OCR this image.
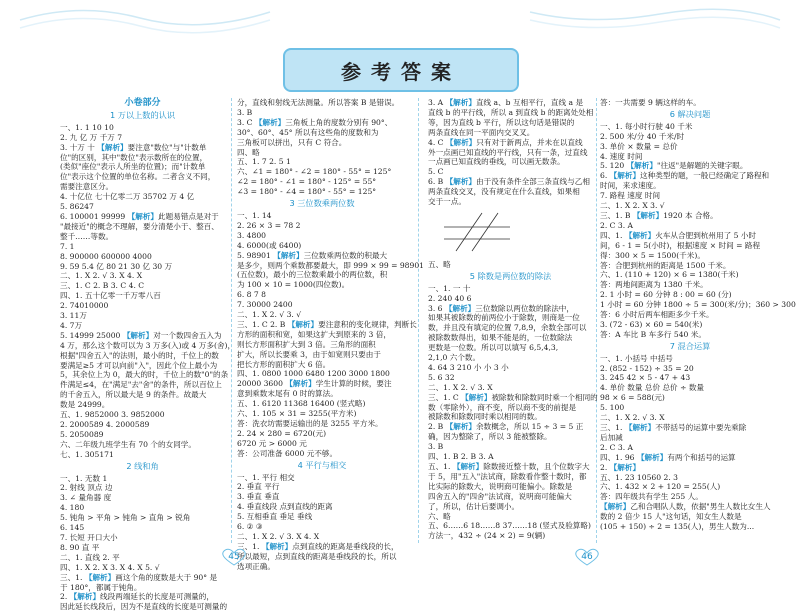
参考答案
小卷部分
1 万以上数的认识
一、1. 1 10 10
2. 九 亿 万 千万 7
3. 十万 十 【解析】要注意"数位"与"计数单
位"的区别，其中"数位"表示数所在的位置，
(类似"座位"表示人所坐的位置)；而"计数单
位"表示这个位置的单位名称。二者含义不同，
需要注意区分。
4. 十亿位 七十亿零二万 35702 万 4 亿
5. 86247
6. 100001 99999 【解析】此题易错点是对于
"最接近"的概念不理解，要分清楚小于、整百、
整千……等数。
7. 1
8. 900000 600000 4000
9. 59 5.4 亿 80 21 30 亿 30 万
二、1. X 2. √ 3. X 4. X
三、1. C 2. B 3. C 4. C
四、1. 五十亿零一千万零八百
2. 74010000
3. 11万
4. 7万
5. 14999 25000 【解析】对一个数四舍五入为
4 万，那么这个数可以为 3 万多(入)或 4 万多(舍)，
根据"四舍五入"的法则，最小的时，千位上的数
要满足≥5 才可以向前"入"，因此个位上最小为
5，其余位上为 0，最大的时，千位上的数"0"的条
件满足≤4，在"满足"去"舍"的条件，所以百位上
的千舍五入，所以最大是 9 的条件。故最大
数是 24999。
五、1. 9852000 3. 9852000
2. 2000589 4. 2000589
5. 2050089
六、二年级九班学生有 70 个的女同学。
七、1. 305171
2 线和角
一、1. 无数 1
2. 射线 顶点 边
3. ∠ 量角器 度
4. 180
5. 钝角 > 平角 > 钝角 > 直角 > 锐角
6. 145
7. 长短 开口大小
8. 90 直 平
二、1. 直线 2. 平
四、1. X 2. X 3. X 4. X 5. √
三、1. 【解析】画这个角的度数是大于 90° 是
于 180°，都属于钝角。
2. 【解析】线段两端延长的长度是可测量的，
因此延长线段后，因为不是直线的长度是可测量的
分，直线和射线无法测量。所以答案 B 是错误。
3. B
3. C 【解析】三角板上角的度数分别有 90°、
30°、60°、45° 所以有这些角的度数和为
三角板可以拼出，只有 C 符合。
四、略
五、1. 7 2. 5 1
六、∠1 = 180° - ∠2 = 180° - 55° = 125°
∠2 = 180° - ∠1 = 180° - 125° = 55°
∠3 = 180° - ∠4 = 180° - 55° = 125°
3 三位数乘两位数
一、1. 14
2. 26 × 3 = 78 2
3. 4800
4. 6000(或 6400)
5. 98901 【解析】三位数乘两位数的积最大
是多少，则两个乘数都要最大，即 999 × 99 = 98901
(五位数)，最小的三位数乘最小的两位数，积
为 100 × 10 = 1000(四位数)。
6. 8 7 8
7. 30000 2400
二、1. X 2. √ 3. √
三、1. C 2. B 【解析】要注意积的变化规律，判断长
方形的面积和宽，如果这扩大到原来的 3 倍，
则长方形面积扩大到 3 倍。三角形的面积
扩大，所以长要乘 3，由于如宽则只要由于
把长方形的面积扩大 6 倍。
四、1. 0800 1000 6480 1200 3000 1800
20000 3600 【解析】学生计算的时候，要注
意到乘数末尾有 0 时的算法。
五、1. 6120 11368 16400 (竖式略)
六、1. 105 × 31 = 3255(平方米)
答：洗衣坊需要运输出的是 3255 平方米。
2. 24 × 280 = 6720(元)
6720 元 > 6000 元
答：公司准备 6000 元不够。
4 平行与相交
一、1. 平行 相交
2. 垂直 平行
3. 垂直 垂直
4. 垂直线段 点到直线的距离
5. 互相垂直 垂足 垂线
6. ② ③
二、1. X 2. √ 3. X 4. X
三、1. 【解析】点到直线的距离是垂线段的长，
所以最短，点到直线的距离是垂线段的长，所以
选项正确。
3. A 【解析】直线 a、b 互相平行，直线 a 是
直线 b 的平行线，所以 a 到直线 b 的距离处处相
等，因为直线 b 平行，所以这句话是错误的
两条直线在同一平面内交叉叉。
4. C 【解析】只有对于新两点，并未在以直线
外一点画已知直线的平行线，只有一条，过直线
一点画已知直线的垂线，可以画无数条。
5. C
6. B 【解析】由于没有条件全部三条直线与乙相
两条直线交叉，没有规定在什么直线，如果相
交于一点。
五、略
5 除数是两位数的除法
一、1. 一 十
2. 240 40 6
3. 6 【解析】三位数除以两位数的除法中，
如果其被除数的前两位小于除数，则商是一位
数，并且没有填定的位置 7,8,9，余数全部可以
被除数数得出，如果不能是的，一位数除法
更数是一位数。所以可以填写 6,5,4,3,
2,1,0 六个数。
4. 64 3 210 小 小 3 小
5. 6 32
二、1. X 2. √ 3. X
三、1. C 【解析】被除数和除数同时乘一个相同的
数（零除外），商不变，所以商不变的前提是
被除数和除数同时乘以相同的数。
2. B 【解析】余数概念，所以 15 ÷ 3 = 5 正
确，因为整除了，所以 3 能被整除。
3. B
四、1. B 2. B 3. A
五、1. 【解析】除数接近整十数，且个位数字大
于 5，用"五入"法试商，除数看作整十数时，都
比实际的除数大，说明商可能偏小。除数是
四舍五入的"四舍"法试商，说明商可能偏大
了，所以，估计后要调小。
六、略
五、6……6 18……8 37……18 (竖式及验算略)
方法一，432 ÷ (24 × 2) = 9(辆)
答：一共需要 9 辆这样的车。
6 解决问题
一、1. 每小时行驶 40 千米
2. 500 米/分 40 千米/时
3. 单价 × 数量 = 总价
4. 速度 时间
5. 120 【解析】"往返"是解题的关键字眼。
6. 【解析】这种类型的题，一般已经确定了路程和
时间，来求速度。
7. 路程 速度 时间
二、1. X 2. X 3. √
三、1. B 【解析】1920 本 合格。
2. C 3. A
四、1. 【解析】火车从合肥到杭州用了 5 小时
间，6 - 1 = 5(小时)，根据速度 × 时间 = 路程
得：300 × 5 = 1500(千米)。
答：合肥到杭州的距离是 1500 千米。
六、1. (110 + 120) × 6 = 1380(千米)
答：两地间距离为 1380 千米。
2. 1 小时 = 60 分钟 8 : 00 = 60 (分)
1 小时 = 60 分钟 1800 ÷ 5 = 300(米/分)；360 > 300
答：6 小时后两车相距多少千米。
3. (72 - 63) × 60 = 540(米)
答：A 车比 B 车多行 540 米。
7 混合运算
一、1. 小括号 中括号
2. (852 - 152) ÷ 35 = 20
3. 245 42 × 5 - 47 + 43
4. 单价 数量 总价 总价 ÷ 数量
98 × 6 = 588(元)
5. 100
二、1. X 2. √ 3. X
三、1. 【解析】不带括号的运算中要先乘除
后加减
2. C 3. A
四、1. 96 【解析】有两个和括号的运算
2. 【解析】
五、1. 23 10560 2. 3
六、1. 432 × 2 + 120 = 255(人)
答：四年级共有学生 255 人。
【解析】乙和合唱队人数，依据"男生人数比女生人
数的 2 倍少 15 人"这句话，知女生人数是
(105 + 150) ÷ 2 = 135(人)，男生人数为...
45	46
